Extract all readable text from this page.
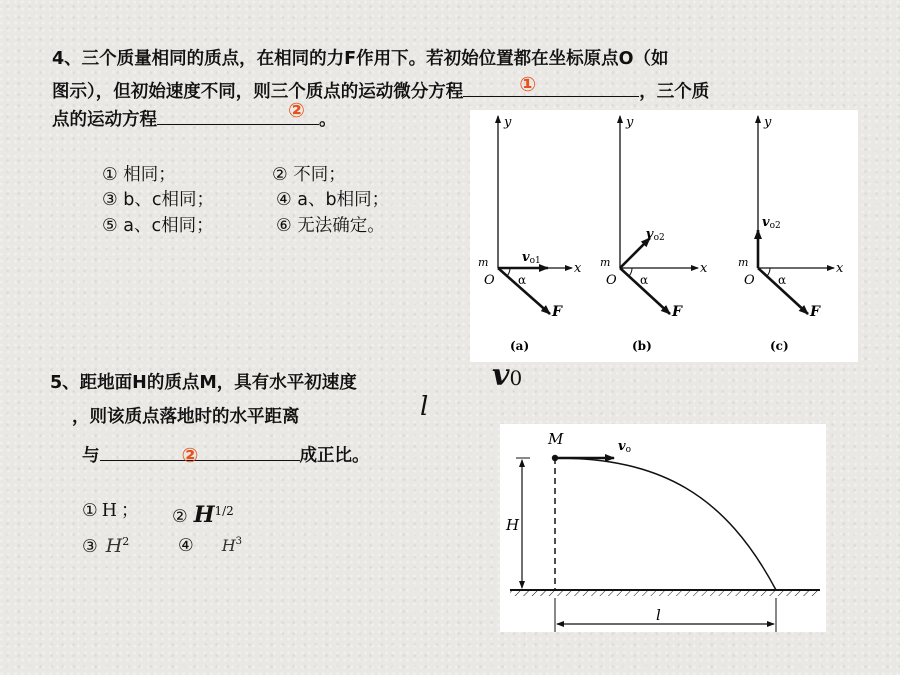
4、三个质量相同的质点，在相同的力F作用下。若初始位置都在坐标原点O（如
图示），但初始速度不同，则三个质点的运动微分方程	①	，三个质
②
点的运动方程	。
① 相同；	② 不同；
③ b、c相同；	④ a、b相同；
⑤ a、c相同；	⑥ 无法确定。
y
x
m
O
vo1
α
F
(a)
y
x
m
O
vo2
α
F
(b)
y
x
m
O
vo2
α
F
(c)
5、距地面H的质点M，具有水平初速度	v0
，则该质点落地时的水平距离	l
与	②	成正比。
① H ； ② $H^{1/2}$
③ $H^2$	④ $H^3$
M	vo
H
l
